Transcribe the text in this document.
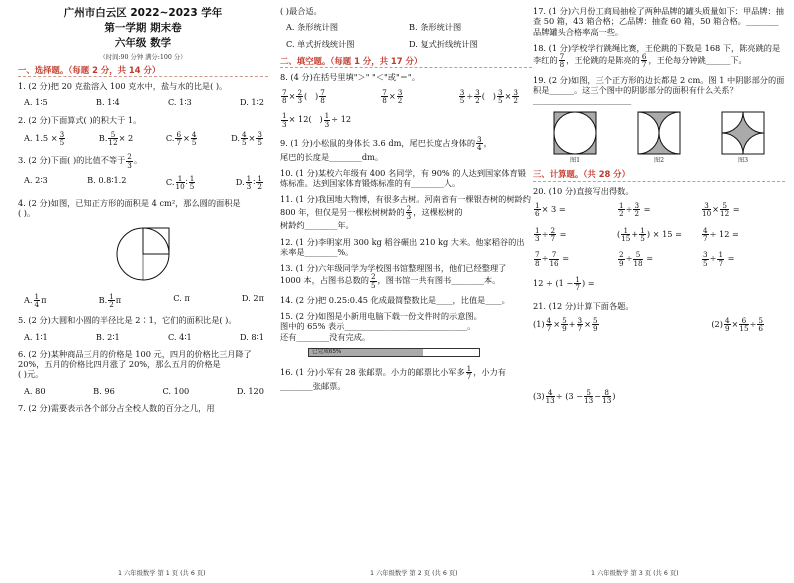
广州市白云区 2022~2023 学年
第一学期 期末卷
六年级 数学
（时间:90 分钟 满分:100 分）
一、选择题。（每题 2 分，共 14 分）

1. (2 分)把 20 克盐溶入 100 克水中，盐与水的比是( )。

A. 1∶5	B. 1∶4	C. 1∶3	D. 1∶2

2. (2 分)下面算式( )的积大于 1。

A. $1.5 \times \frac{3}{5}$	B. $\frac{5}{12} \times 2$	C. $\frac{6}{7} \times \frac{4}{5}$	D. $\frac{4}{5} \times \frac{3}{5}$

3. (2 分)下面( )的比值不等于 $\frac{2}{3}$ 。

A. 2∶3	B. 0.8∶1.2	C. $\frac{1}{10}$ ∶ $\frac{1}{5}$	D. $\frac{1}{3}$ ∶ $\frac{1}{2}$

4. (2 分)如图，已知正方形的面积是 4 cm²，那么圆的面积是
( )。

A. $\frac{1}{4}$ π	B. $\frac{1}{2}$ π	C. π	D. 2π

5. (2 分)大圆和小圆的半径比是 2∶1，它们的面积比是( )。

A. 1∶1	B. 2∶1	C. 4∶1	D. 8∶1

6. (2 分)某种商品三月的价格是 100 元，四月的价格比三月降了 20%，五月的价格比四月涨了 20%，那么五月的价格是
( )元。

A. 80	B. 96	C. 100	D. 120

7. (2 分)需要表示各个部分占全校人数的百分之几，用

( )最合适。

A. 条形统计图	B. 条形统计图
C. 单式折线统计图	D. 复式折线统计图
二、填空题。（每题 1 分，共 17 分）

8. (4 分)在括号里填"＞" "＜"或"＝"。

$\frac{7}{8} \times \frac{2}{3}$ (   ) $\frac{7}{8}$	$\frac{7}{8} \times \frac{3}{2}$	$\frac{3}{5} \div \frac{3}{2}$ (   ) $\frac{3}{5} \times \frac{3}{2}$
$\frac{1}{3} \times 12$(   ) $\frac{1}{3} \div 12$

9. (1 分)小松鼠的身体长 3.6 dm，尾巴长度占身体的 $\frac{3}{4}$ ，
尾巴的长度是________dm。

10. (1 分)某校六年级有 400 名同学，有 90% 的人达到国家体育锻炼标准。达到国家体育锻炼标准的有________人。

11. (1 分)我国地大物博，有很多古树。河南省有一棵银杏树的树龄约 800 年，但仅是另一棵松树树龄的 $\frac{2}{3}$ ，这棵松树的
树龄约________年。

12. (1 分)李明家用 300 kg 稻谷碾出 210 kg 大米。他家稻谷的出米率是________%。

13. (1 分)六年级同学为学校图书馆整理图书，他们已经整理了
1000 本，占图书总数的 $\frac{2}{5}$ ，图书馆一共有图书________本。

14. (2 分)把 0.25:0.45 化成最简整数比是____，比值是____。

15. (2 分)如图是小新用电脑下载一份文件时的示意图。
图中的 65% 表示______________________________。
还有________没有完成。

已完成65%

16. (1 分)小军有 28 张邮票。小力的邮票比小军多 $\frac{1}{7}$ ，小力有
________张邮票。

17. (1 分)六月份工商局抽检了两种品牌的罐头质量如下：甲品牌：抽查 50 箱，43 箱合格；乙品牌：抽查 60 箱，50 箱合格。________品牌罐头合格率高一些。

18. (1 分)学校学行跳绳比赛，王伦跳的下数是 168 下，陈亮跳的是
李红的 $\frac{7}{8}$ ，王伦跳的是陈亮的 $\frac{6}{7}$ ，王伦每分钟跳______下。

19. (2 分)如图，三个正方形的边长都是 2 cm。图 1 中阴影部分的面积是______。这三个图中的阴影部分的面积有什么关系？________________________

图1	图2	图3
三、计算题。（共 28 分）

20. (10 分)直接写出得数。

$\frac{1}{6} \times 3$ =	$\frac{1}{2} \div \frac{3}{2}$ =	$\frac{3}{10} \times \frac{5}{12}$ =
$\frac{1}{3} \div \frac{2}{7}$ =	( $\frac{1}{15} + \frac{1}{5}$ ) × 15 =	$\frac{4}{7} \div 12$ =
$\frac{7}{8} \div \frac{7}{16}$ =	$\frac{2}{9} \div \frac{5}{18}$ =	$\frac{3}{5} \div \frac{1}{7}$ =
$12 \div (1 - \frac{1}{7}$ ) =

21. (12 分)计算下面各题。

$(1) \frac{4}{7} \times \frac{5}{9} + \frac{3}{7} \times \frac{5}{9}$	$(2) \frac{4}{9} \times \frac{6}{15} \div \frac{5}{6}$
$(3) \frac{4}{13} \div (3 - \frac{5}{13} - \frac{8}{13}$ )
1 六年级数学 第 1 页 (共 6 页)	1 六年级数学 第 2 页 (共 6 页)	1 六年级数学 第 3 页 (共 6 页)
